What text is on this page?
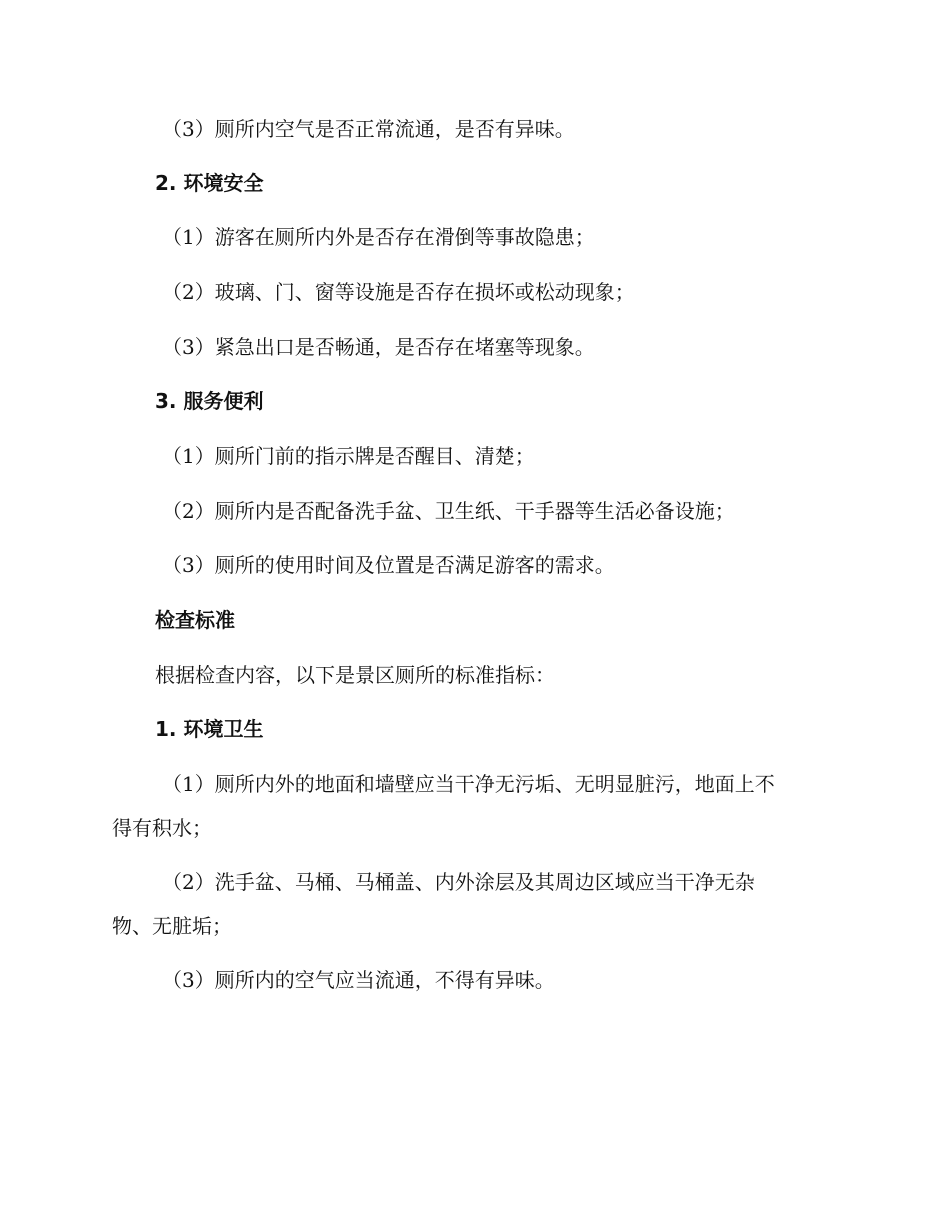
（3）厕所内空气是否正常流通，是否有异味。
2. 环境安全
（1）游客在厕所内外是否存在滑倒等事故隐患；
（2）玻璃、门、窗等设施是否存在损坏或松动现象；
（3）紧急出口是否畅通，是否存在堵塞等现象。
3. 服务便利
（1）厕所门前的指示牌是否醒目、清楚；
（2）厕所内是否配备洗手盆、卫生纸、干手器等生活必备设施；
（3）厕所的使用时间及位置是否满足游客的需求。
检查标准
根据检查内容，以下是景区厕所的标准指标：
1. 环境卫生
（1）厕所内外的地面和墙壁应当干净无污垢、无明显脏污，地面上不
得有积水；
（2）洗手盆、马桶、马桶盖、内外涂层及其周边区域应当干净无杂
物、无脏垢；
（3）厕所内的空气应当流通，不得有异味。
